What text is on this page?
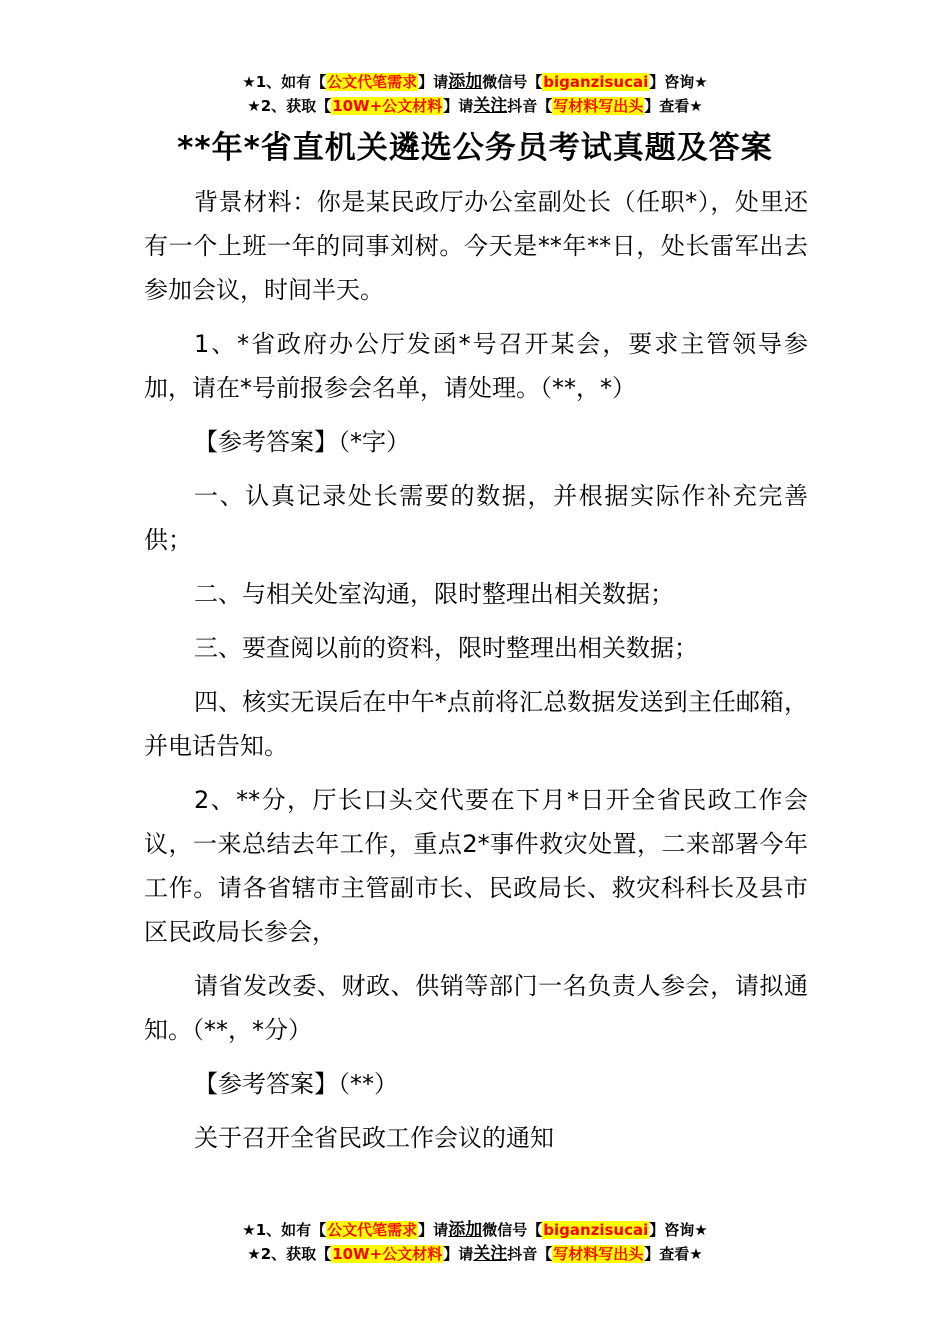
★1、如有【公文代笔需求】请添加微信号【biganzisucai】咨询★
★2、获取【10W+公文材料】请关注抖音【写材料写出头】查看★
**年*省直机关遴选公务员考试真题及答案

背景材料：你是某民政厅办公室副处长（任职*），处里还有一个上班一年的同事刘树。今天是**年**日，处长雷军出去参加会议，时间半天。

1、*省政府办公厅发函*号召开某会，要求主管领导参加，请在*号前报参会名单，请处理。（**，*）

【参考答案】（*字）

一、认真记录处长需要的数据，并根据实际作补充完善供；

二、与相关处室沟通，限时整理出相关数据；

三、要查阅以前的资料，限时整理出相关数据；

四、核实无误后在中午*点前将汇总数据发送到主任邮箱，并电话告知。

2、**分，厅长口头交代要在下月*日开全省民政工作会议，一来总结去年工作，重点2*事件救灾处置，二来部署今年工作。请各省辖市主管副市长、民政局长、救灾科科长及县市区民政局长参会，

请省发改委、财政、供销等部门一名负责人参会，请拟通知。（**，*分）

【参考答案】（**）

关于召开全省民政工作会议的通知

★1、如有【公文代笔需求】请添加微信号【biganzisucai】咨询★
★2、获取【10W+公文材料】请关注抖音【写材料写出头】查看★
